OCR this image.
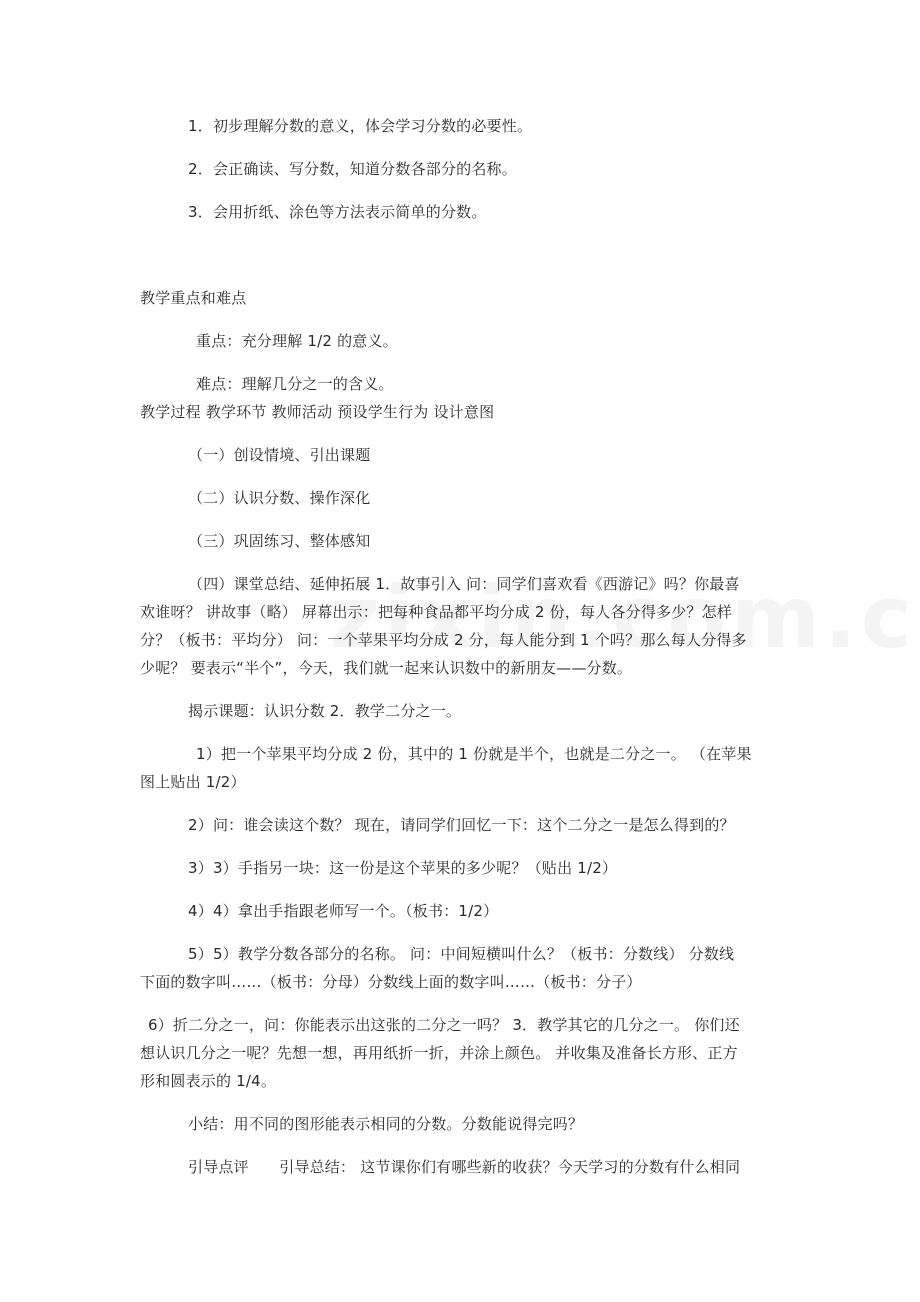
1．初步理解分数的意义，体会学习分数的必要性。
2．会正确读、写分数，知道分数各部分的名称。
3．会用折纸、涂色等方法表示简单的分数。
教学重点和难点
重点：充分理解 1/2 的意义。
难点：理解几分之一的含义。
教学过程 教学环节 教师活动 预设学生行为 设计意图
（一）创设情境、引出课题
（二）认识分数、操作深化
（三）巩固练习、整体感知
（四）课堂总结、延伸拓展 1．故事引入 问：同学们喜欢看《西游记》吗？你最喜
欢谁呀？ 讲故事（略） 屏幕出示：把每种食品都平均分成 2 份，每人各分得多少？怎样
分？（板书：平均分） 问：一个苹果平均分成 2 分，每人能分到 1 个吗？那么每人分得多
少呢？ 要表示“半个”，今天，我们就一起来认识数中的新朋友——分数。
揭示课题：认识分数 2．教学二分之一。
1）把一个苹果平均分成 2 份，其中的 1 份就是半个，也就是二分之一。 （在苹果
图上贴出 1/2）
2）问：谁会读这个数？ 现在，请同学们回忆一下：这个二分之一是怎么得到的？
3）3）手指另一块：这一份是这个苹果的多少呢？（贴出 1/2）
4）4）拿出手指跟老师写一个。（板书：1/2）
5）5）教学分数各部分的名称。 问：中间短横叫什么？（板书：分数线） 分数线
下面的数字叫……（板书：分母）分数线上面的数字叫……（板书：分子）
6）折二分之一，问：你能表示出这张的二分之一吗？ 3．教学其它的几分之一。 你们还
想认识几分之一呢？先想一想，再用纸折一折，并涂上颜色。 并收集及准备长方形、正方
形和圆表示的 1/4。
小结：用不同的图形能表示相同的分数。分数能说得完吗？
引导点评　　引导总结： 这节课你们有哪些新的收获？今天学习的分数有什么相同
